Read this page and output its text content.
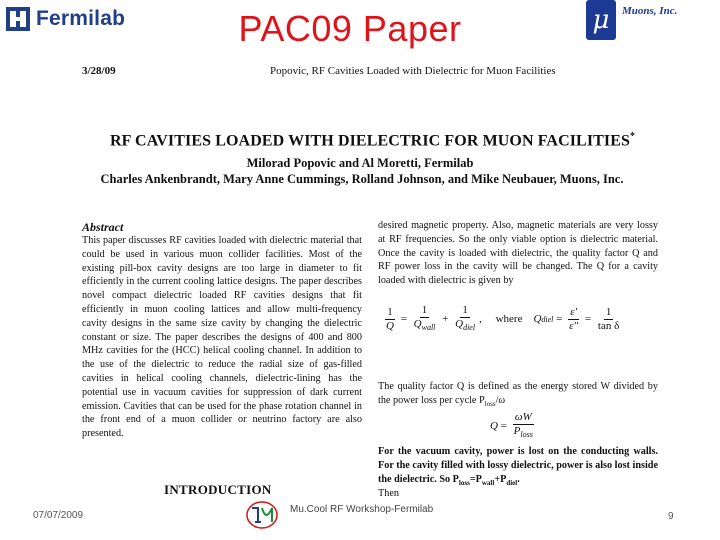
Fermilab	PAC09 Paper	μ Muons, Inc.
3/28/09	Popovic, RF Cavities Loaded with Dielectric for Muon Facilities
RF CAVITIES LOADED WITH DIELECTRIC FOR MUON FACILITIES*
Milorad Popovic and Al Moretti, Fermilab
Charles Ankenbrandt, Mary Anne Cummings, Rolland Johnson, and Mike Neubauer, Muons, Inc.
Abstract
This paper discusses RF cavities loaded with dielectric material that could be used in various muon collider facilities. Most of the existing pill-box cavity designs are too large in diameter to fit efficiently in the current cooling lattice designs. The paper describes novel compact dielectric loaded RF cavities designs that fit efficiently in muon cooling lattices and allow multi-frequency cavity designs in the same size cavity by changing the dielectric constant or size. The paper describes the designs of 400 and 800 MHz cavities for the (HCC) helical cooling channel. In addition to the use of the dielectric to reduce the radial size of gas-filled cavities in helical cooling channels, dielectric-lining has the potential use in vacuum cavities for suppression of dark current emission. Cavities that can be used for the phase rotation channel in the front end of a muon collider or neutrino factory are also presented.
INTRODUCTION
desired magnetic property. Also, magnetic materials are very lossy at RF frequencies. So the only viable option is dielectric material. Once the cavity is loaded with dielectric, the quality factor Q and RF power loss in the cavity will be changed. The Q for a cavity loaded with dielectric is given by
$\frac{1}{Q} = \frac{1}{Q_{wall}} + \frac{1}{Q_{diel}}$ , where
Q diel = $\frac{\varepsilon'}{\varepsilon''} = \frac{1}{\text{tan δ}}$
The quality factor Q is defined as the energy stored W divided by the power loss per cycle $P_{loss}/\omega$
$Q = \frac{\omega W}{P_{loss}}$
For the vacuum cavity, power is lost on the conducting walls. For the cavity filled with lossy dielectric, power is also lost inside the dielectric. So $P_{loss}=P_{wall}+P_{diel}$.
Then
07/07/2009
Mu.Cool RF Workshop-Fermilab
9
